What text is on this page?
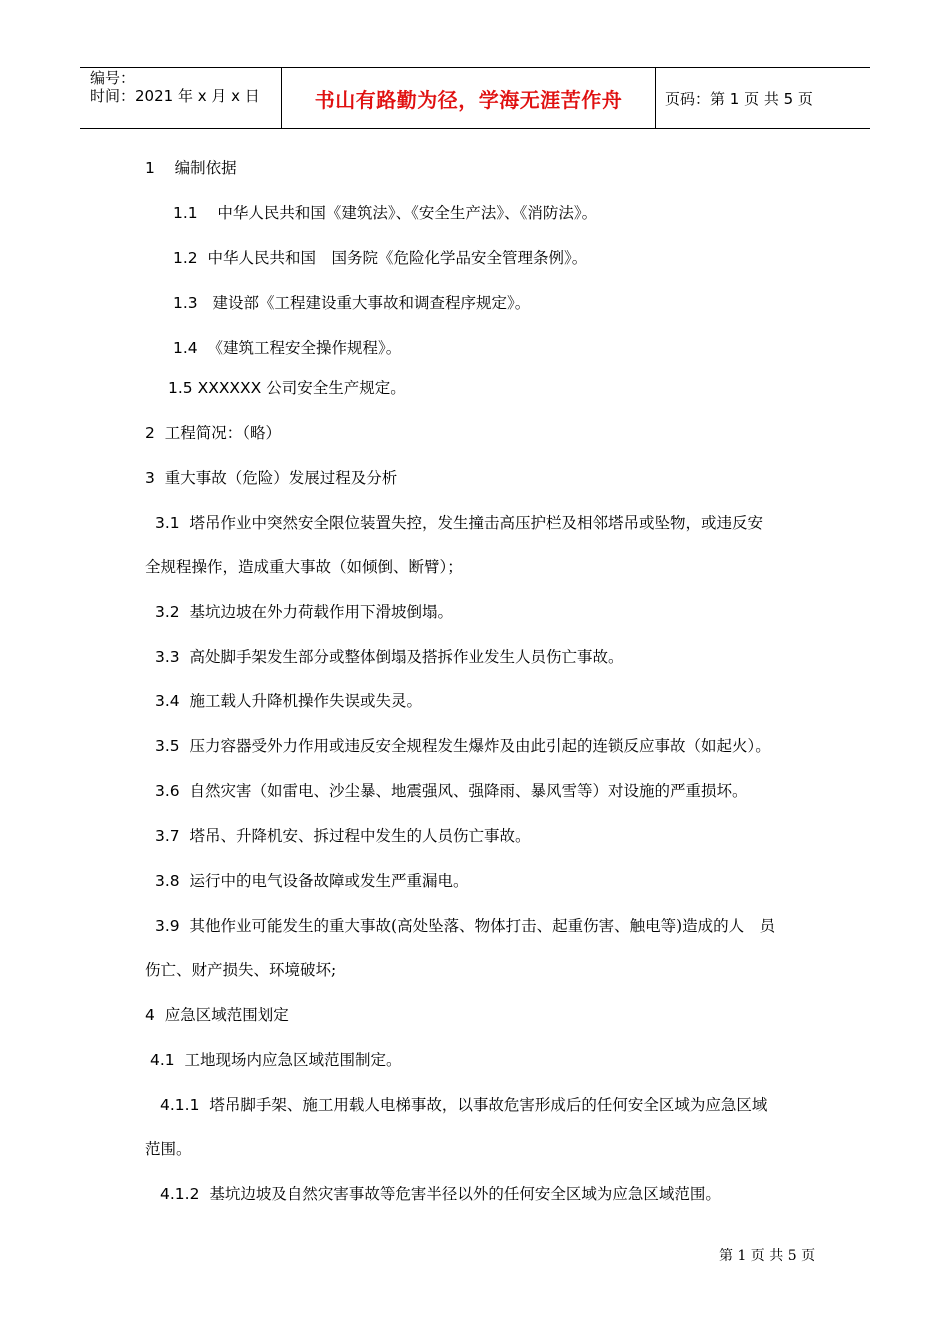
编号：
时间：2021 年 x 月 x 日	书山有路勤为径，学海无涯苦作舟	页码：第 1 页 共 5 页
1 编制依据
1.1 中华人民共和国《建筑法》、《安全生产法》、《消防法》。
1.2 中华人民共和国　国务院《危险化学品安全管理条例》。
1.3 建设部《工程建设重大事故和调查程序规定》。
1.4 《建筑工程安全操作规程》。
1.5 XXXXXX 公司安全生产规定。
2 工程简况：（略）
3 重大事故（危险）发展过程及分析
3.1 塔吊作业中突然安全限位装置失控，发生撞击高压护栏及相邻塔吊或坠物，或违反安
全规程操作，造成重大事故（如倾倒、断臂）；
3.2 基坑边坡在外力荷载作用下滑坡倒塌。
3.3 高处脚手架发生部分或整体倒塌及搭拆作业发生人员伤亡事故。
3.4 施工载人升降机操作失误或失灵。
3.5 压力容器受外力作用或违反安全规程发生爆炸及由此引起的连锁反应事故（如起火）。
3.6 自然灾害（如雷电、沙尘暴、地震强风、强降雨、暴风雪等）对设施的严重损坏。
3.7 塔吊、升降机安、拆过程中发生的人员伤亡事故。
3.8 运行中的电气设备故障或发生严重漏电。
3.9 其他作业可能发生的重大事故(高处坠落、物体打击、起重伤害、触电等)造成的人　员
伤亡、财产损失、环境破坏;
4 应急区域范围划定
4.1 工地现场内应急区域范围制定。
4.1.1 塔吊脚手架、施工用载人电梯事故，以事故危害形成后的任何安全区域为应急区域
范围。
4.1.2 基坑边坡及自然灾害事故等危害半径以外的任何安全区域为应急区域范围。
第 1 页 共 5 页
